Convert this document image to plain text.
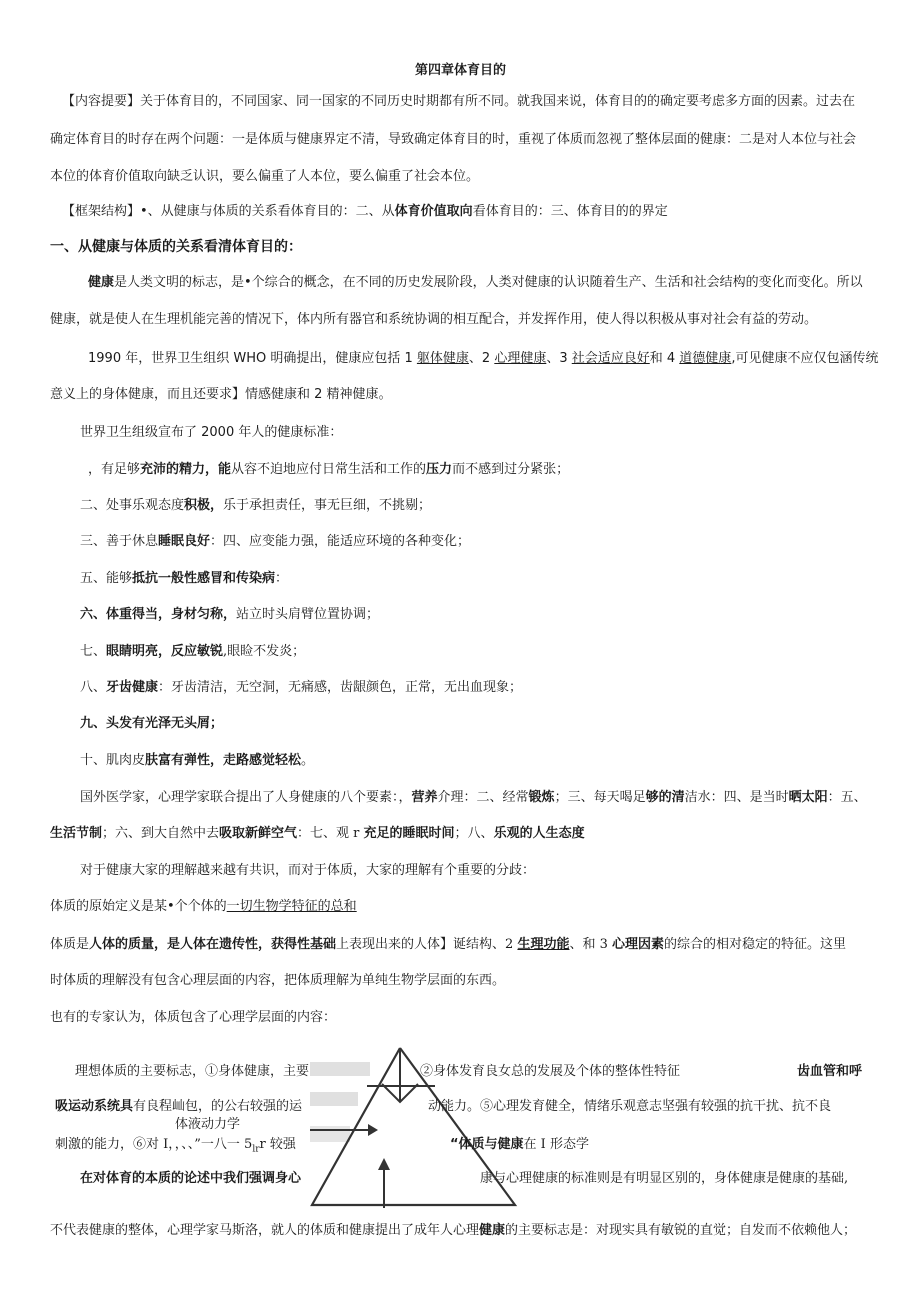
第四章体育目的
【内容提要】关于体育目的，不同国家、同一国家的不同历史时期都有所不同。就我国来说，体育目的的确定要考虑多方面的因素。过去在
确定体育目的时存在两个问题：一是体质与健康界定不清，导致确定体育目的时，重视了体质而忽视了整体层面的健康：二是对人本位与社会
本位的体育价值取向缺乏认识，要么偏重了人本位，要么偏重了社会本位。
【框架结构】•、从健康与体质的关系看体育目的：二、从体育价值取向看体育目的：三、体育目的的界定
一、从健康与体质的关系看清体育目的：
健康是人类文明的标志，是•个综合的概念，在不同的历史发展阶段，人类对健康的认识随着生产、生活和社会结构的变化而变化。所以
健康，就是使人在生理机能完善的情况下，体内所有器官和系统协调的相互配合，并发挥作用，使人得以积极从事对社会有益的劳动。
1990 年，世界卫生组织 WHO 明确提出，健康应包括 1 躯体健康、2 心理健康、3 社会适应良好和 4 道德健康,可见健康不应仅包涵传统
意义上的身体健康，而且还要求】情感健康和 2 精神健康。
世界卫生组级宣布了 2000 年人的健康标准：
，有足够充沛的精力，能从容不迫地应付日常生活和工作的压力而不感到过分紧张；
二、处事乐观态度积极，乐于承担责任，事无巨细，不挑剔；
三、善于休息睡眠良好：四、应变能力强，能适应环境的各种变化；
五、能够抵抗一般性感冒和传染病：
六、体重得当，身材匀称，站立时头肩臂位置协调；
七、眼睛明亮，反应敏锐,眼睑不发炎；
八、牙齿健康：牙齿清洁，无空洞，无痛感，齿龈颜色，正常，无出血现象；
九、头发有光泽无头屑；
十、肌肉皮肤富有弹性，走路感觉轻松。
国外医学家，心理学家联合提出了人身健康的八个要素：，营养介理：二、经常锻炼；三、每天喝足够的清洁水：四、是当时晒太阳：五、
生活节制；六、到大自然中去吸取新鲜空气：七、观 r 充足的睡眠时间；八、乐观的人生态度
对于健康大家的理解越来越有共识，而对于体质，大家的理解有个重要的分歧：
体质的原始定义是某•个个体的一切生物学特征的总和
体质是人体的质量，是人体在遗传性，获得性基础上表现出来的人体】诞结构、2 生理功能、和 3 心理因素的综合的相对稳定的特征。这里
时体质的理解没有包含心理层面的内容，把体质理解为单纯生物学层面的东西。
也有的专家认为，体质包含了心理学层面的内容：
理想体质的主要标志，①身体健康，主要	②身体发育良女总的发展及个体的整体性特征	齿血管和呼
吸运动系统具有良程屾包，的公右较强的运	动能力。⑤心理发育健全，情绪乐观意志坚强有较强的抗干扰、抗不良
体液动力学
刺激的能力，⑥对 I，，、、”一八一 $5_{lr}r$ 较强	“体质与健康在 I 形态学
在对体育的本质的论述中我们强调身心	康与心理健康的标准则是有明显区别的，身体健康是健康的基础,
不代表健康的整体，心理学家马斯洛，就人的体质和健康提出了成年人心理健康的主要标志是：对现实具有敏锐的直觉；自发而不依赖他人；
